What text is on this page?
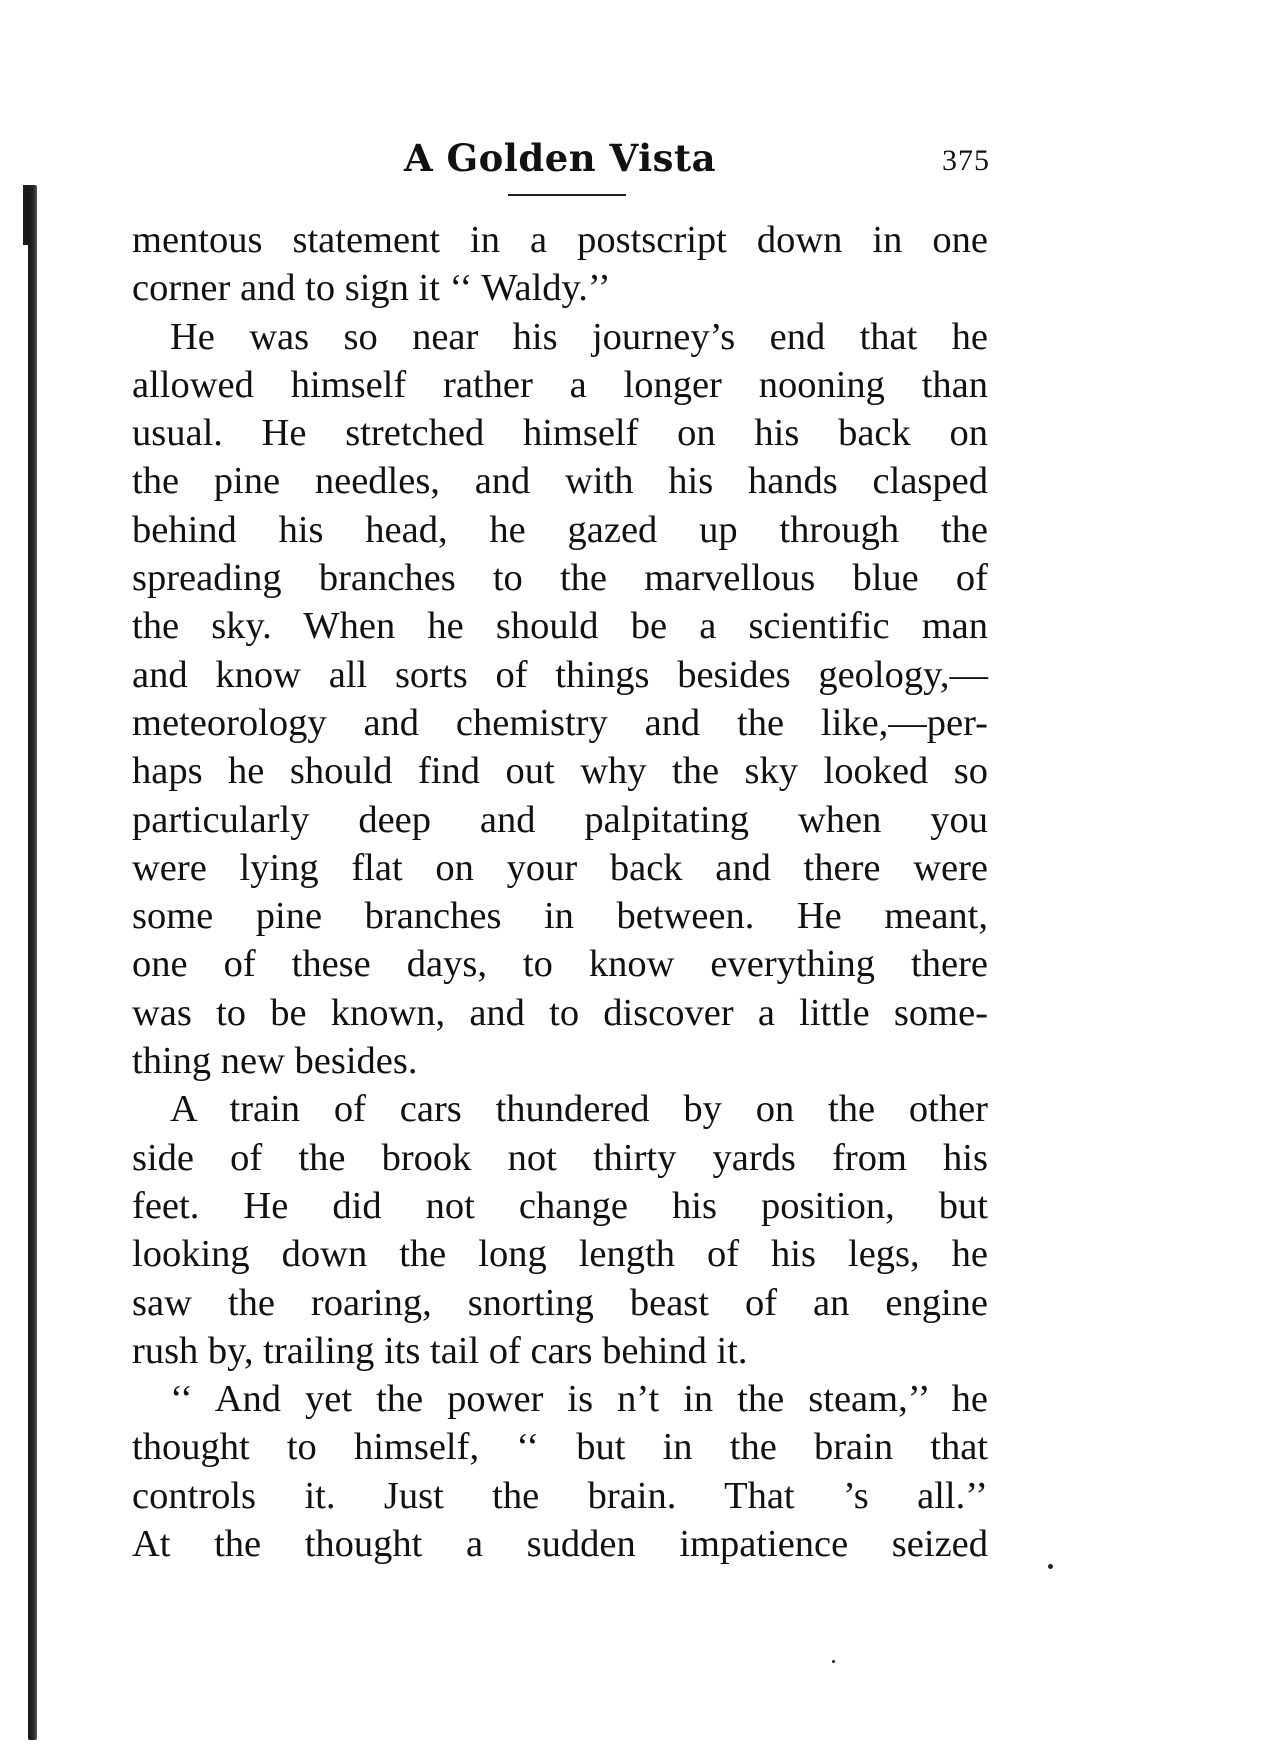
A Golden Vista	375
mentous statement in a postscript down in one
corner and to sign it ‘‘ Waldy.’’
He was so near his journey’s end that he
allowed himself rather a longer nooning than
usual. He stretched himself on his back on
the pine needles, and with his hands clasped
behind his head, he gazed up through the
spreading branches to the marvellous blue of
the sky. When he should be a scientific man
and know all sorts of things besides geology,—
meteorology and chemistry and the like,—per-
haps he should find out why the sky looked so
particularly deep and palpitating when you
were lying flat on your back and there were
some pine branches in between. He meant,
one of these days, to know everything there
was to be known, and to discover a little some-
thing new besides.
A train of cars thundered by on the other
side of the brook not thirty yards from his
feet. He did not change his position, but
looking down the long length of his legs, he
saw the roaring, snorting beast of an engine
rush by, trailing its tail of cars behind it.
‘‘ And yet the power is n’t in the steam,’’ he
thought to himself, ‘‘ but in the brain that
controls it. Just the brain. That ’s all.’’
At the thought a sudden impatience seized
